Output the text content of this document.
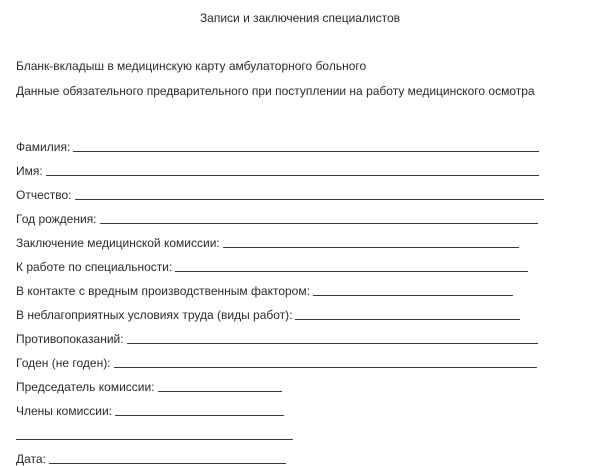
Записи и заключения специалистов
Бланк-вкладыш в медицинскую карту амбулаторного больного
Данные обязательного предварительного при поступлении на работу медицинского осмотра
Фамилия:
Имя:
Отчество:
Год рождения:
Заключение медицинской комиссии:
К работе по специальности:
В контакте с вредным производственным фактором:
В неблагоприятных условиях труда (виды работ):
Противопоказаний:
Годен (не годен):
Председатель комиссии:
Члены комиссии:
Дата:
